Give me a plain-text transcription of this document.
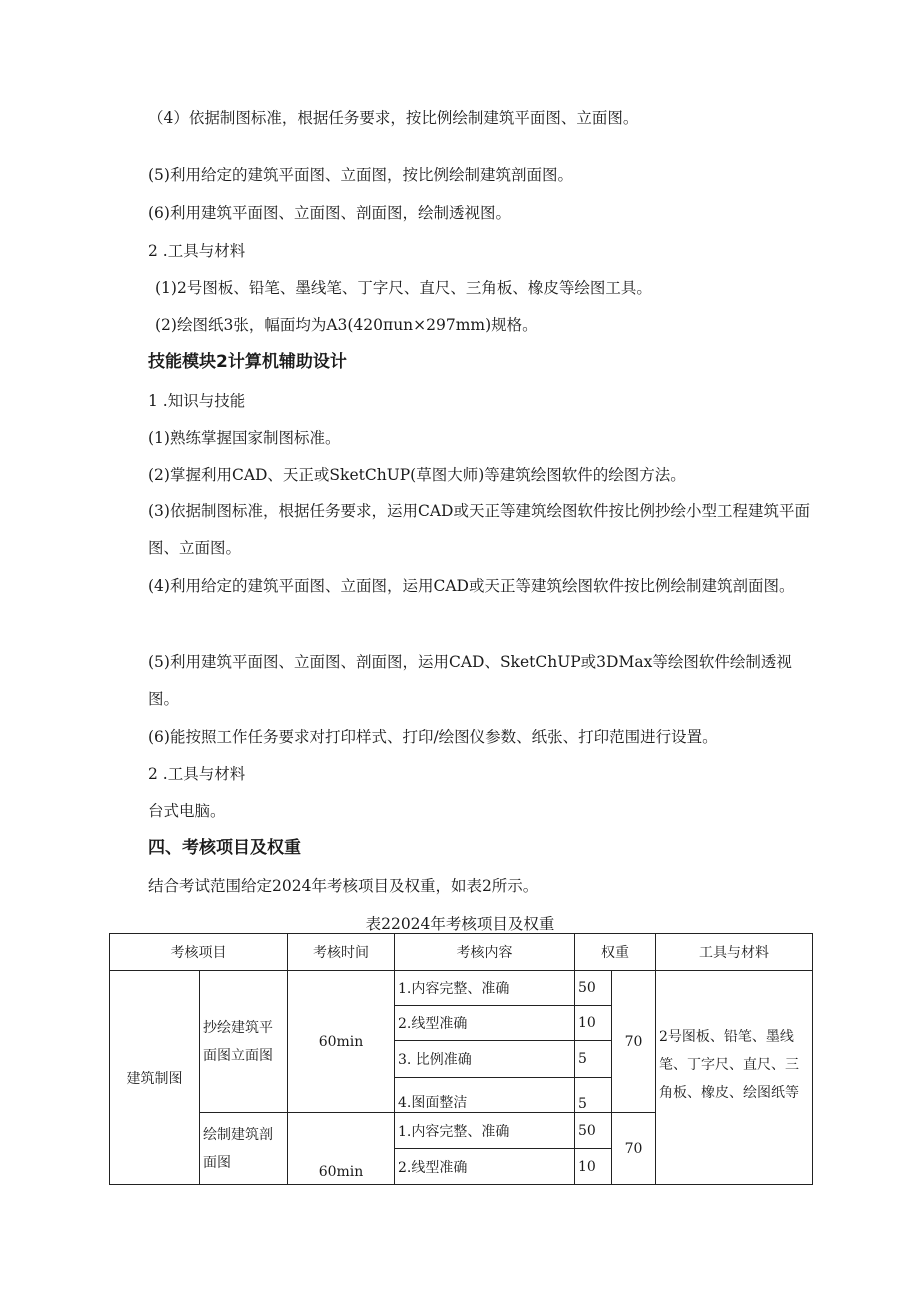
（4）依据制图标准，根据任务要求，按比例绘制建筑平面图、立面图。
(5)利用给定的建筑平面图、立面图，按比例绘制建筑剖面图。
(6)利用建筑平面图、立面图、剖面图，绘制透视图。
2 .工具与材料
(1)2号图板、铅笔、墨线笔、丁字尺、直尺、三角板、橡皮等绘图工具。
(2)绘图纸3张，幅面均为A3(420πun×297mm)规格。
技能模块2计算机辅助设计
1 .知识与技能
(1)熟练掌握国家制图标准。
(2)掌握利用CAD、天正或SketChUP(草图大师)等建筑绘图软件的绘图方法。
(3)依据制图标准，根据任务要求，运用CAD或天正等建筑绘图软件按比例抄绘小型工程建筑平面图、立面图。
(4)利用给定的建筑平面图、立面图，运用CAD或天正等建筑绘图软件按比例绘制建筑剖面图。
(5)利用建筑平面图、立面图、剖面图，运用CAD、SketChUP或3DMax等绘图软件绘制透视图。
(6)能按照工作任务要求对打印样式、打印/绘图仪参数、纸张、打印范围进行设置。
2 .工具与材料
台式电脑。
四、考核项目及权重
结合考试范围给定2024年考核项目及权重，如表2所示。
表22024年考核项目及权重
考核项目		考核时间	考核内容	权重		工具与材料
建筑制图	抄绘建筑平面图立面图	60min	1.内容完整、准确	50	70	2号图板、铅笔、墨线笔、丁字尺、直尺、三角板、橡皮、绘图纸等
			2.线型准确	10		
			3. 比例准确	5		
			4.图面整洁	5		
	绘制建筑剖面图	60min	1.内容完整、准确	50	70	
			2.线型准确	10		
